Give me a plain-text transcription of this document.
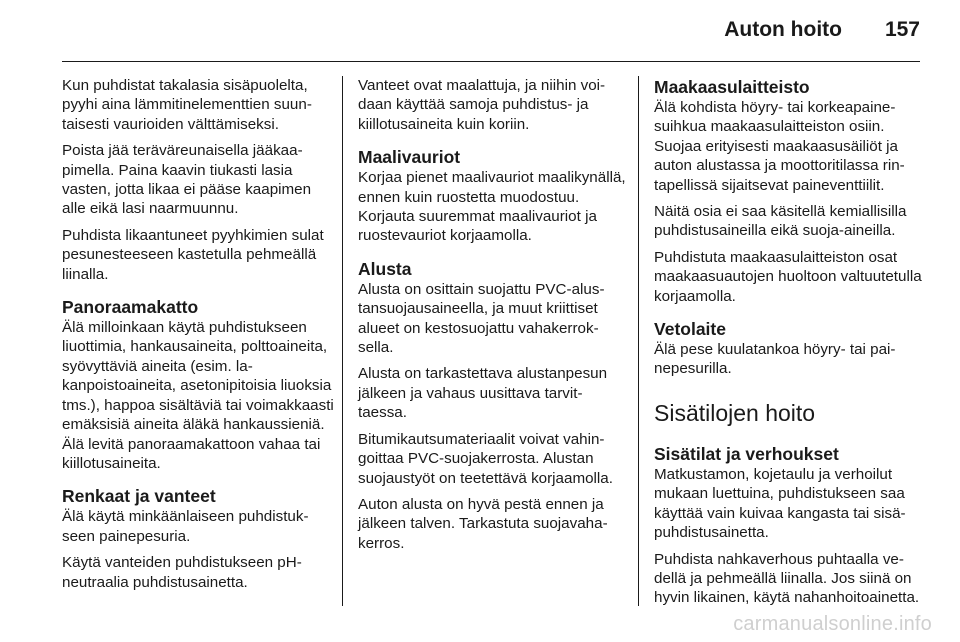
Auton hoito 157

Kun puhdistat takalasia sisäpuolelta, pyyhi aina lämmitinelementtien suuntaisesti vaurioiden välttämiseksi.

Poista jää teräväreunaisella jääkaapimella. Paina kaavin tiukasti lasia vasten, jotta likaa ei pääse kaapimen alle eikä lasi naarmuunnu.

Puhdista likaantuneet pyyhkimien sulat pesunesteeseen kastetulla pehmeällä liinalla.

Panoraamakatto

Älä milloinkaan käytä puhdistukseen liuottimia, hankausaineita, polttoaineita, syövyttäviä aineita (esim. lakanpoistoaineita, asetonipitoisia liuoksia tms.), happoa sisältäviä tai voimakkaasti emäksisiä aineita äläkä hankaussieniä. Älä levitä panoraamakattoon vahaa tai kiillotusaineita.

Renkaat ja vanteet

Älä käytä minkäänlaiseen puhdistukseen painepesuria.

Käytä vanteiden puhdistukseen pH-neutraalia puhdistusainetta.

Vanteet ovat maalattuja, ja niihin voidaan käyttää samoja puhdistus- ja kiillotusaineita kuin koriin.

Maalivauriot

Korjaa pienet maalivauriot maalikynällä, ennen kuin ruostetta muodostuu. Korjauta suuremmat maalivauriot ja ruostevauriot korjaamolla.

Alusta

Alusta on osittain suojattu PVC-alustansuojausaineella, ja muut kriittiset alueet on kestosuojattu vahakerroksella.

Alusta on tarkastettava alustanpesun jälkeen ja vahaus uusittava tarvittaessa.

Bitumikautsumateriaalit voivat vahingoittaa PVC-suojakerrosta. Alustan suojaustyöt on teetettävä korjaamolla.

Auton alusta on hyvä pestä ennen ja jälkeen talven. Tarkastuta suojavahakerros.

Maakaasulaitteisto

Älä kohdista höyry- tai korkeapainesuihkua maakaasulaitteiston osiin. Suojaa erityisesti maakaasusäiliöt ja auton alustassa ja moottoritilassa rintapellissä sijaitsevat paineventtiilit.

Näitä osia ei saa käsitellä kemiallisilla puhdistusaineilla eikä suoja-aineilla.

Puhdistuta maakaasulaitteiston osat maakaasuautojen huoltoon valtuutetulla korjaamolla.

Vetolaite

Älä pese kuulatankoa höyry- tai painepesurilla.

Sisätilojen hoito
Sisätilat ja verhoukset

Matkustamon, kojetaulu ja verhoilut mukaan luettuina, puhdistukseen saa käyttää vain kuivaa kangasta tai sisäpuhdistusainetta.

Puhdista nahkaverhous puhtaalla vedellä ja pehmeällä liinalla. Jos siinä on hyvin likainen, käytä nahanhoitoainetta.

carmanualsonline.info
